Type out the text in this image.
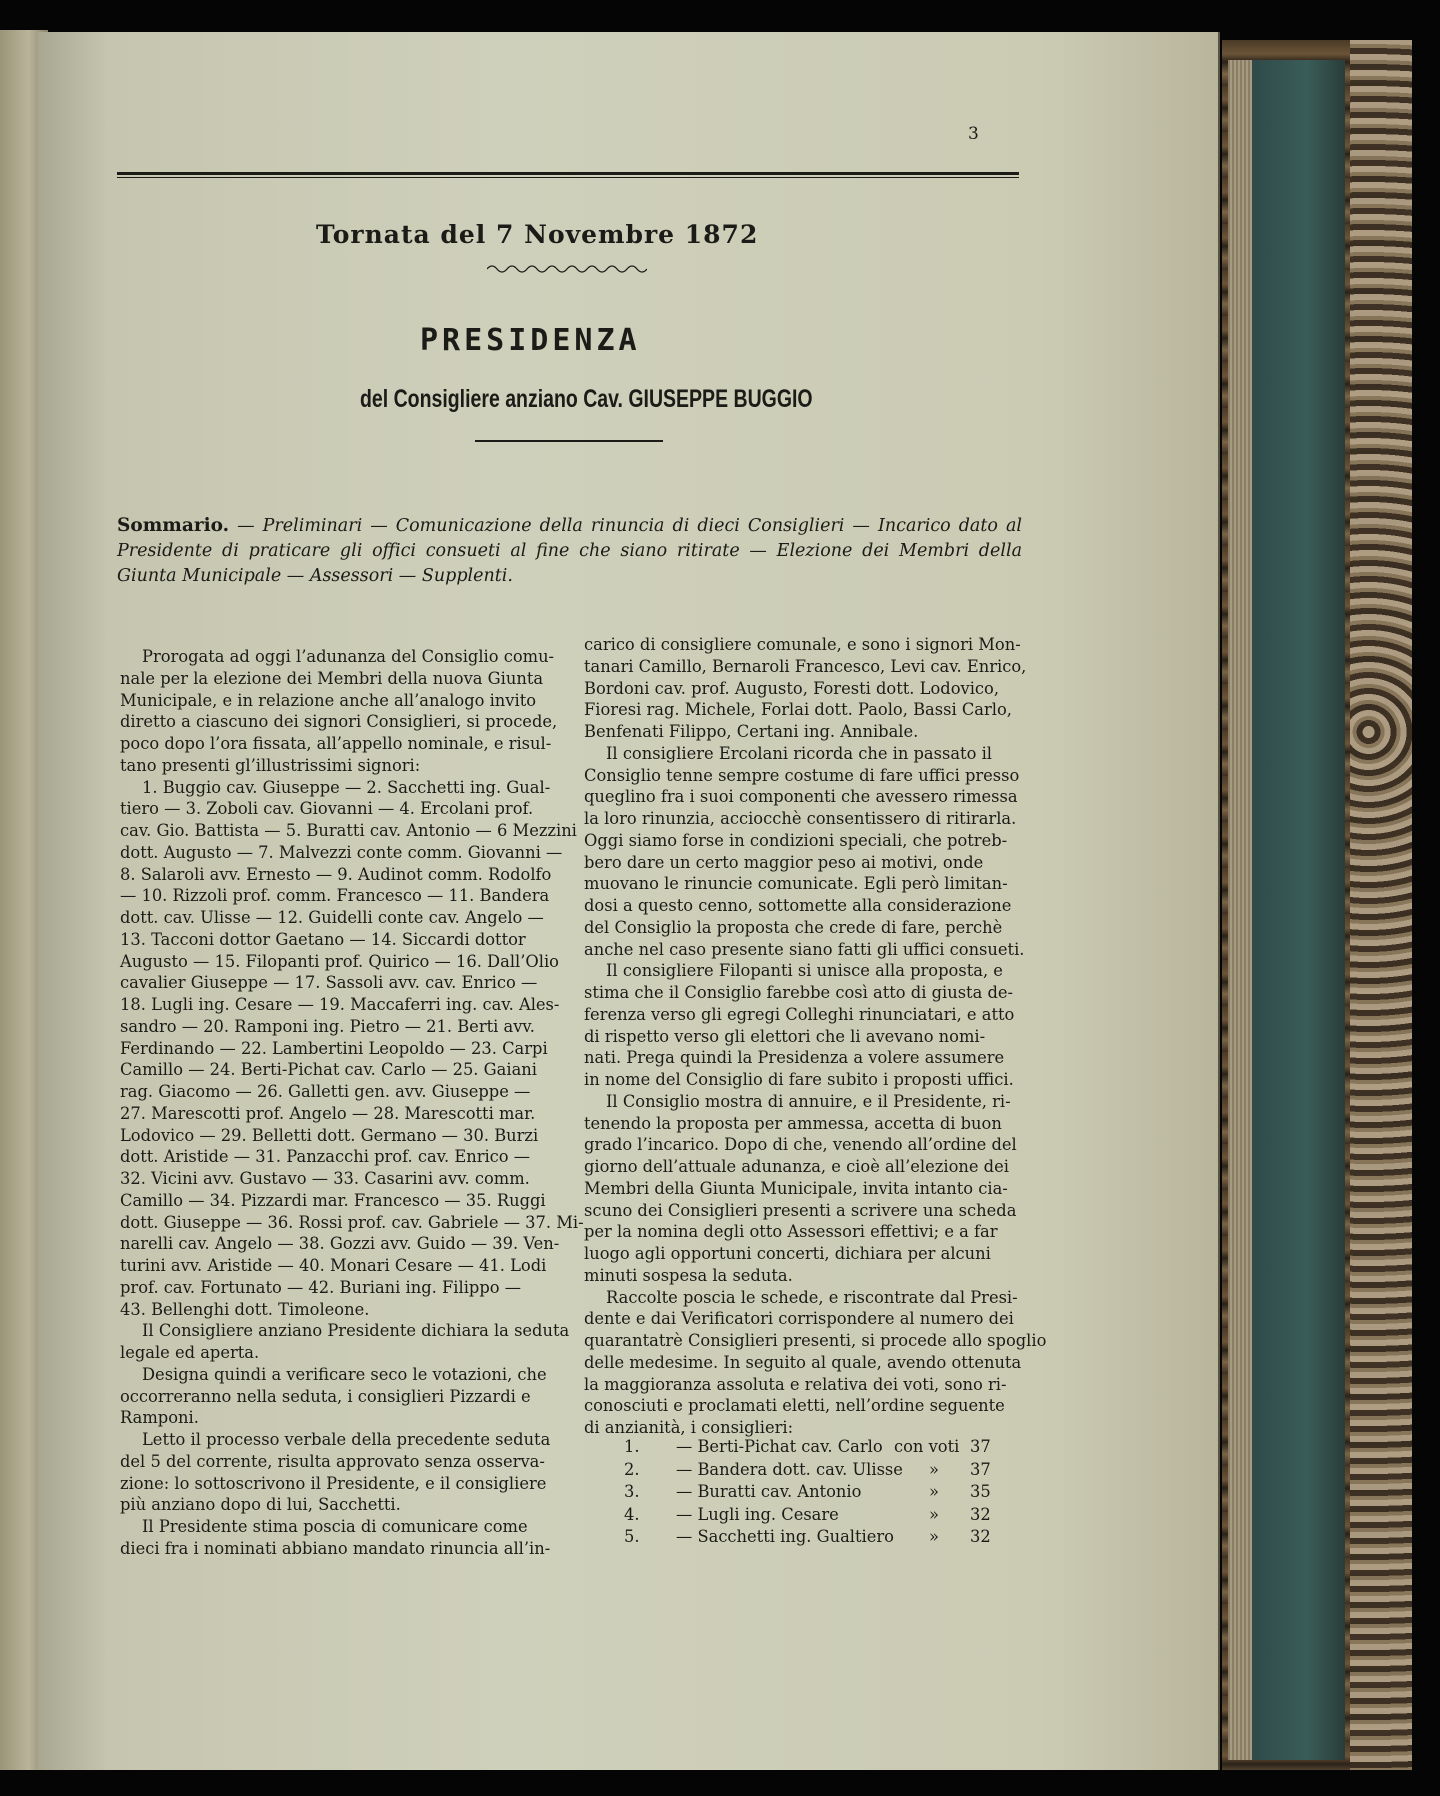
3
Tornata del 7 Novembre 1872
PRESIDENZA
del Consigliere anziano Cav. GIUSEPPE BUGGIO
Sommario. — Preliminari — Comunicazione della rinuncia di dieci Consiglieri — Incarico dato al Presidente di praticare gli offici consueti al fine che siano ritirate — Elezione dei Membri della Giunta Municipale — Assessori — Supplenti.

Prorogata ad oggi l’adunanza del Consiglio comu-

nale per la elezione dei Membri della nuova Giunta

Municipale, e in relazione anche all’analogo invito

diretto a ciascuno dei signori Consiglieri, si procede,

poco dopo l’ora fissata, all’appello nominale, e risul-

tano presenti gl’illustrissimi signori:

1. Buggio cav. Giuseppe — 2. Sacchetti ing. Gual-

tiero — 3. Zoboli cav. Giovanni — 4. Ercolani prof.

cav. Gio. Battista — 5. Buratti cav. Antonio — 6 Mezzini

dott. Augusto — 7. Malvezzi conte comm. Giovanni —

8. Salaroli avv. Ernesto — 9. Audinot comm. Rodolfo

— 10. Rizzoli prof. comm. Francesco — 11. Bandera

dott. cav. Ulisse — 12. Guidelli conte cav. Angelo —

13. Tacconi dottor Gaetano — 14. Siccardi dottor

Augusto — 15. Filopanti prof. Quirico — 16. Dall’Olio

cavalier Giuseppe — 17. Sassoli avv. cav. Enrico —

18. Lugli ing. Cesare — 19. Maccaferri ing. cav. Ales-

sandro — 20. Ramponi ing. Pietro — 21. Berti avv.

Ferdinando — 22. Lambertini Leopoldo — 23. Carpi

Camillo — 24. Berti-Pichat cav. Carlo — 25. Gaiani

rag. Giacomo — 26. Galletti gen. avv. Giuseppe —

27. Marescotti prof. Angelo — 28. Marescotti mar.

Lodovico — 29. Belletti dott. Germano — 30. Burzi

dott. Aristide — 31. Panzacchi prof. cav. Enrico —

32. Vicini avv. Gustavo — 33. Casarini avv. comm.

Camillo — 34. Pizzardi mar. Francesco — 35. Ruggi

dott. Giuseppe — 36. Rossi prof. cav. Gabriele — 37. Mi-

narelli cav. Angelo — 38. Gozzi avv. Guido — 39. Ven-

turini avv. Aristide — 40. Monari Cesare — 41. Lodi

prof. cav. Fortunato — 42. Buriani ing. Filippo —

43. Bellenghi dott. Timoleone.

Il Consigliere anziano Presidente dichiara la seduta

legale ed aperta.

Designa quindi a verificare seco le votazioni, che

occorreranno nella seduta, i consiglieri Pizzardi e

Ramponi.

Letto il processo verbale della precedente seduta

del 5 del corrente, risulta approvato senza osserva-

zione: lo sottoscrivono il Presidente, e il consigliere

più anziano dopo di lui, Sacchetti.

Il Presidente stima poscia di comunicare come

dieci fra i nominati abbiano mandato rinuncia all’in-

carico di consigliere comunale, e sono i signori Mon-

tanari Camillo, Bernaroli Francesco, Levi cav. Enrico,

Bordoni cav. prof. Augusto, Foresti dott. Lodovico,

Fioresi rag. Michele, Forlai dott. Paolo, Bassi Carlo,

Benfenati Filippo, Certani ing. Annibale.

Il consigliere Ercolani ricorda che in passato il

Consiglio tenne sempre costume di fare uffici presso

queglino fra i suoi componenti che avessero rimessa

la loro rinunzia, acciocchè consentissero di ritirarla.

Oggi siamo forse in condizioni speciali, che potreb-

bero dare un certo maggior peso ai motivi, onde

muovano le rinuncie comunicate. Egli però limitan-

dosi a questo cenno, sottomette alla considerazione

del Consiglio la proposta che crede di fare, perchè

anche nel caso presente siano fatti gli uffici consueti.

Il consigliere Filopanti si unisce alla proposta, e

stima che il Consiglio farebbe così atto di giusta de-

ferenza verso gli egregi Colleghi rinunciatari, e atto

di rispetto verso gli elettori che li avevano nomi-

nati. Prega quindi la Presidenza a volere assumere

in nome del Consiglio di fare subito i proposti uffici.

Il Consiglio mostra di annuire, e il Presidente, ri-

tenendo la proposta per ammessa, accetta di buon

grado l’incarico. Dopo di che, venendo all’ordine del

giorno dell’attuale adunanza, e cioè all’elezione dei

Membri della Giunta Municipale, invita intanto cia-

scuno dei Consiglieri presenti a scrivere una scheda

per la nomina degli otto Assessori effettivi; e a far

luogo agli opportuni concerti, dichiara per alcuni

minuti sospesa la seduta.

Raccolte poscia le schede, e riscontrate dal Presi-

dente e dai Verificatori corrispondere al numero dei

quarantatrè Consiglieri presenti, si procede allo spoglio

delle medesime. In seguito al quale, avendo ottenuta

la maggioranza assoluta e relativa dei voti, sono ri-

conosciuti e proclamati eletti, nell’ordine seguente

di anzianità, i consiglieri:

1. — Berti-Pichat cav. Carlo con voti 37
2. — Bandera dott. cav. Ulisse » 37
3. — Buratti cav. Antonio	» 35
4. — Lugli ing. Cesare	» 32
5. — Sacchetti ing. Gualtiero » 32
